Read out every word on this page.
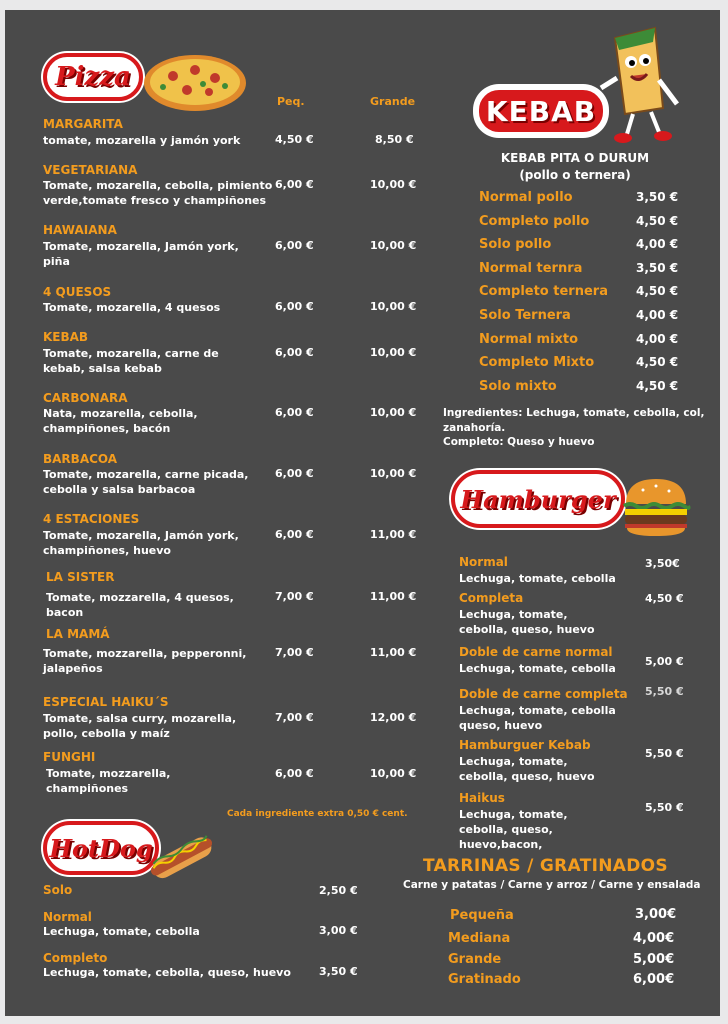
Pizza
Peq.	Grande
MARGARITA
tomate, mozarella y jamón york	4,50 €	8,50 €
VEGETARIANA
Tomate, mozarella, cebolla, pimiento verde,tomate fresco y champiñones
6,00 €	10,00 €
HAWAIANA
Tomate, mozarella, Jamón york, piña
6,00 €	10,00 €
4 QUESOS
Tomate, mozarella, 4 quesos	6,00 €	10,00 €
KEBAB
Tomate, mozarella, carne de kebab, salsa kebab
6,00 €	10,00 €
CARBONARA
Nata, mozarella, cebolla, champiñones, bacón
6,00 €	10,00 €
BARBACOA
Tomate, mozarella, carne picada, cebolla y salsa barbacoa
6,00 €	10,00 €
4 ESTACIONES
Tomate, mozarella, Jamón york, champiñones, huevo
6,00 €	11,00 €
LA SISTER
Tomate, mozzarella, 4 quesos, bacon
7,00 €	11,00 €
LA MAMÁ
Tomate, mozzarella, pepperonni, jalapeños
7,00 €	11,00 €
ESPECIAL HAIKU´S
Tomate, salsa curry, mozarella, pollo, cebolla y maíz
7,00 €	12,00 €
FUNGHI
Tomate, mozzarella, champiñones
6,00 €	10,00 €
Cada ingrediente extra 0,50 € cent.
HotDog
Solo	2,50 €
Normal
Lechuga, tomate, cebolla	3,00 €
Completo
Lechuga, tomate, cebolla, queso, huevo	3,50 €
KEBAB
KEBAB PITA O DURUM
(pollo o ternera)
Normal pollo	3,50 €
Completo pollo	4,50 €
Solo pollo	4,00 €
Normal ternra	3,50 €
Completo ternera 4,50 €
Solo Ternera	4,00 €
Normal mixto	4,00 €
Completo Mixto	4,50 €
Solo mixto	4,50 €
Ingredientes: Lechuga, tomate, cebolla, col, zanahoría.
Completo: Queso y huevo
Hamburger
Normal
Lechuga, tomate, cebolla
3,50€
Completa
Lechuga, tomate, cebolla, queso, huevo
4,50 €
Doble de carne normal
Lechuga, tomate, cebolla
5,00 €
Doble de carne completa
Lechuga, tomate, cebolla queso, huevo
5,50 €
Hamburguer Kebab
Lechuga, tomate, cebolla, queso, huevo
5,50 €
Haikus
Lechuga, tomate, cebolla, queso, huevo,bacon,
5,50 €
TARRINAS / GRATINADOS
Carne y patatas / Carne y arroz / Carne y ensalada
Pequeña	3,00€
Mediana	4,00€
Grande	5,00€
Gratinado	6,00€
